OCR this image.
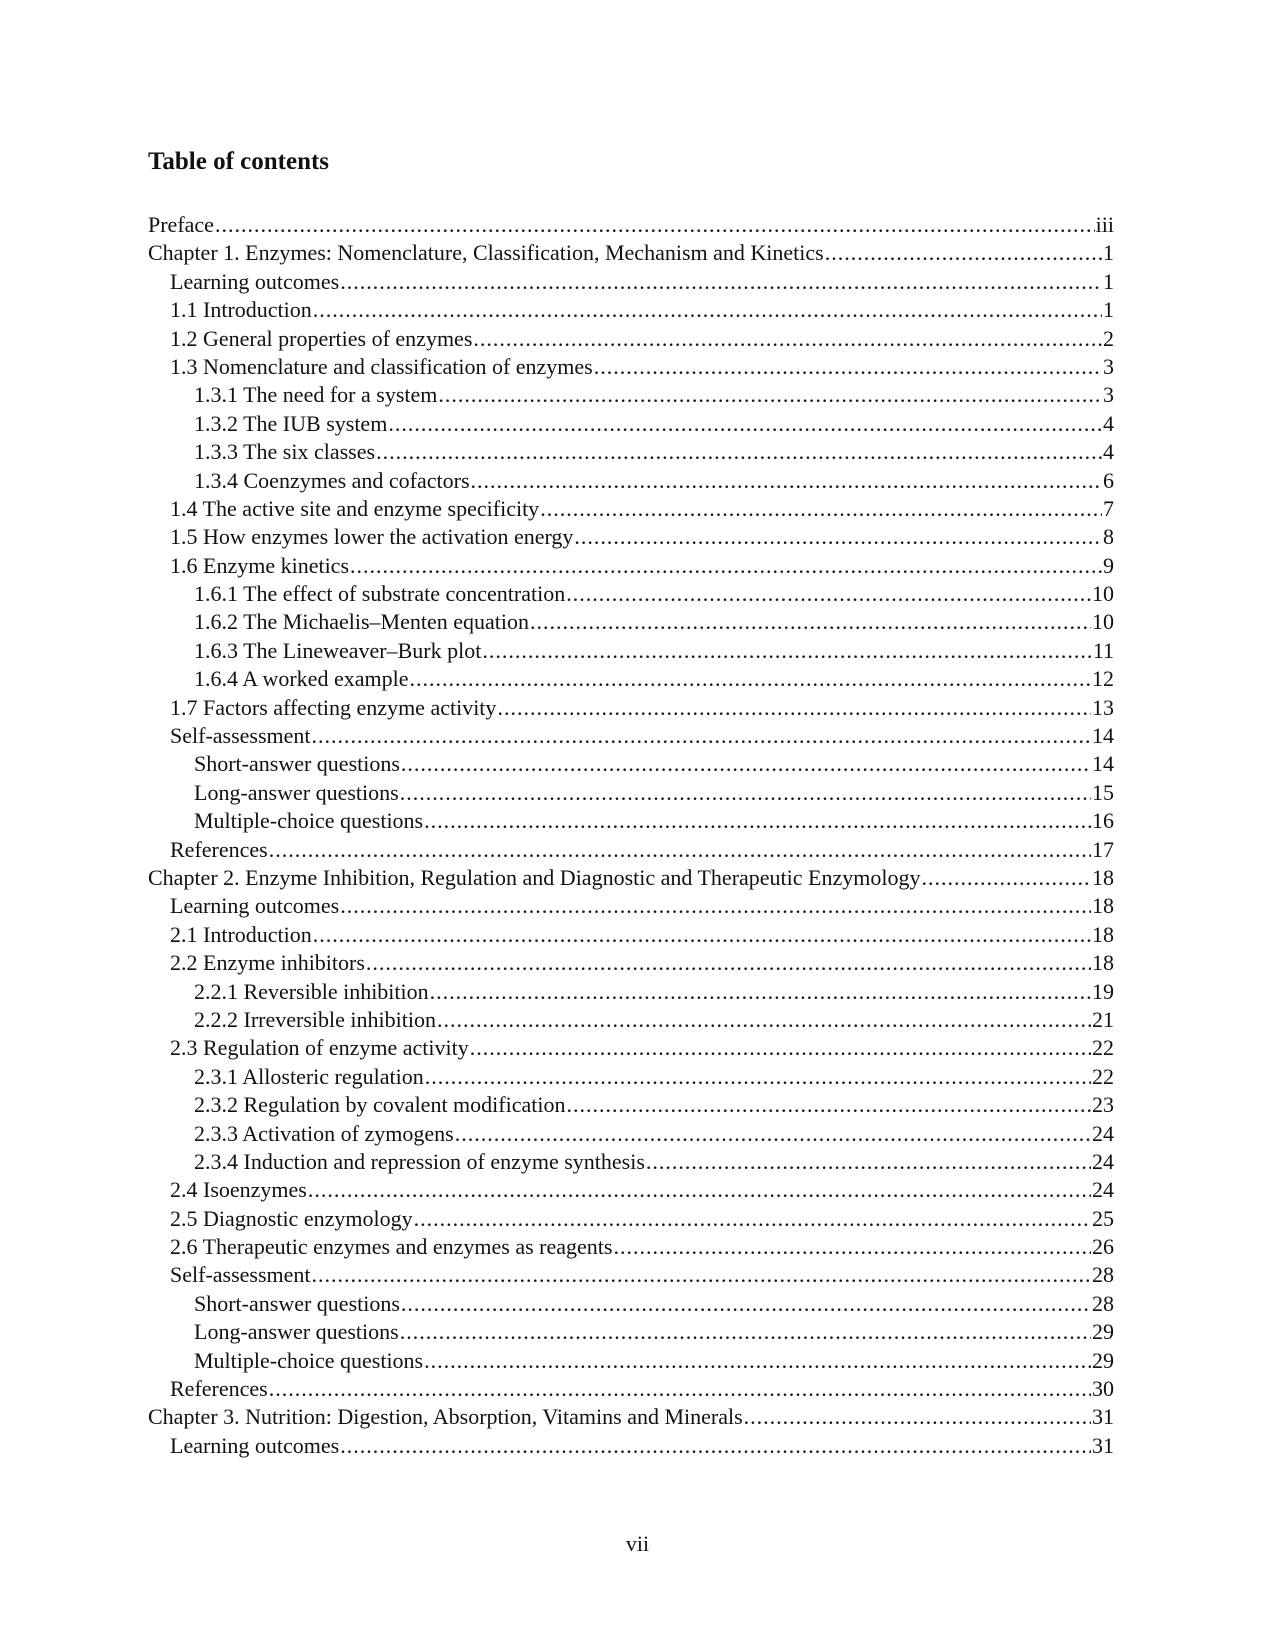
Table of contents
Preface .....	iii
Chapter 1. Enzymes: Nomenclature, Classification, Mechanism and Kinetics .....	1
Learning outcomes .....	1
1.1 Introduction .....	1
1.2 General properties of enzymes .....	2
1.3 Nomenclature and classification of enzymes .....	3
1.3.1 The need for a system .....	3
1.3.2 The IUB system .....	4
1.3.3 The six classes .....	4
1.3.4 Coenzymes and cofactors .....	6
1.4 The active site and enzyme specificity .....	7
1.5 How enzymes lower the activation energy .....	8
1.6 Enzyme kinetics .....	9
1.6.1 The effect of substrate concentration .....	10
1.6.2 The Michaelis–Menten equation .....	10
1.6.3 The Lineweaver–Burk plot .....	11
1.6.4 A worked example .....	12
1.7 Factors affecting enzyme activity .....	13
Self-assessment .....	14
Short-answer questions .....	14
Long-answer questions .....	15
Multiple-choice questions .....	16
References .....	17
Chapter 2. Enzyme Inhibition, Regulation and Diagnostic and Therapeutic Enzymology .....	18
Learning outcomes .....	18
2.1 Introduction .....	18
2.2 Enzyme inhibitors .....	18
2.2.1 Reversible inhibition .....	19
2.2.2 Irreversible inhibition .....	21
2.3 Regulation of enzyme activity .....	22
2.3.1 Allosteric regulation .....	22
2.3.2 Regulation by covalent modification .....	23
2.3.3 Activation of zymogens .....	24
2.3.4 Induction and repression of enzyme synthesis .....	24
2.4 Isoenzymes .....	24
2.5 Diagnostic enzymology .....	25
2.6 Therapeutic enzymes and enzymes as reagents .....	26
Self-assessment .....	28
Short-answer questions .....	28
Long-answer questions .....	29
Multiple-choice questions .....	29
References .....	30
Chapter 3. Nutrition: Digestion, Absorption, Vitamins and Minerals .....	31
Learning outcomes .....	31
vii
